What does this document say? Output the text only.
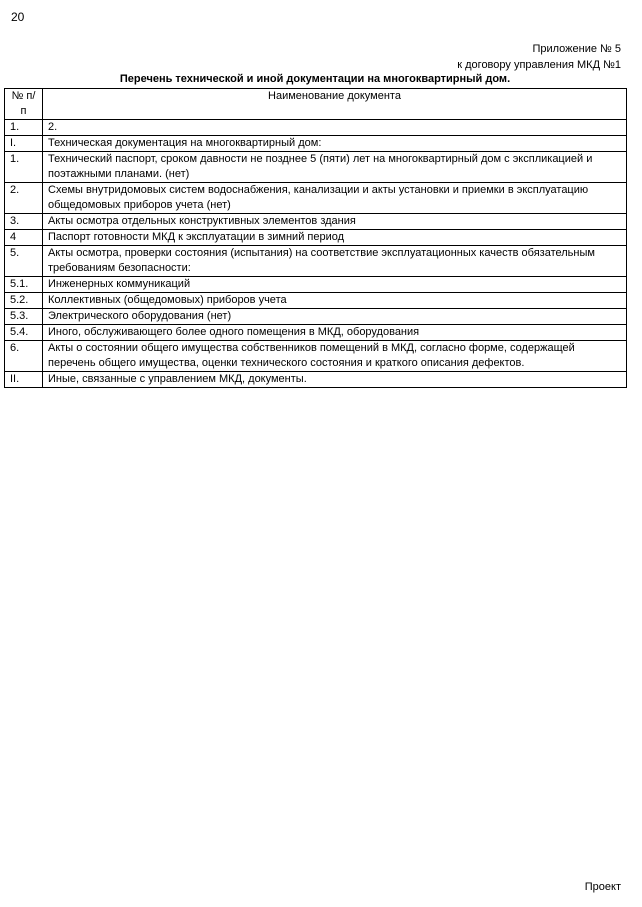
20
Приложение № 5
к договору управления МКД №1
Перечень технической и иной документации на многоквартирный дом.
№ п/п	Наименование документа
1.	2.
I.	Техническая документация на многоквартирный дом:
1.	Технический паспорт, сроком давности не позднее 5 (пяти) лет на многоквартирный дом с экспликацией и поэтажными планами. (нет)
2.	Схемы внутридомовых систем водоснабжения, канализации и акты установки и приемки в эксплуатацию общедомовых приборов учета (нет)
3.	Акты осмотра отдельных конструктивных элементов здания
4	Паспорт готовности МКД к эксплуатации в зимний период
5.	Акты осмотра, проверки состояния (испытания) на соответствие эксплуатационных качеств обязательным требованиям безопасности:
5.1.	Инженерных коммуникаций
5.2.	Коллективных (общедомовых) приборов учета
5.3.	Электрического оборудования (нет)
5.4.	Иного, обслуживающего более одного помещения в МКД, оборудования
6.	Акты о состоянии общего имущества собственников помещений в МКД, согласно форме, содержащей перечень общего имущества, оценки технического состояния и краткого описания дефектов.
II.	Иные, связанные с управлением МКД, документы.
Проект
